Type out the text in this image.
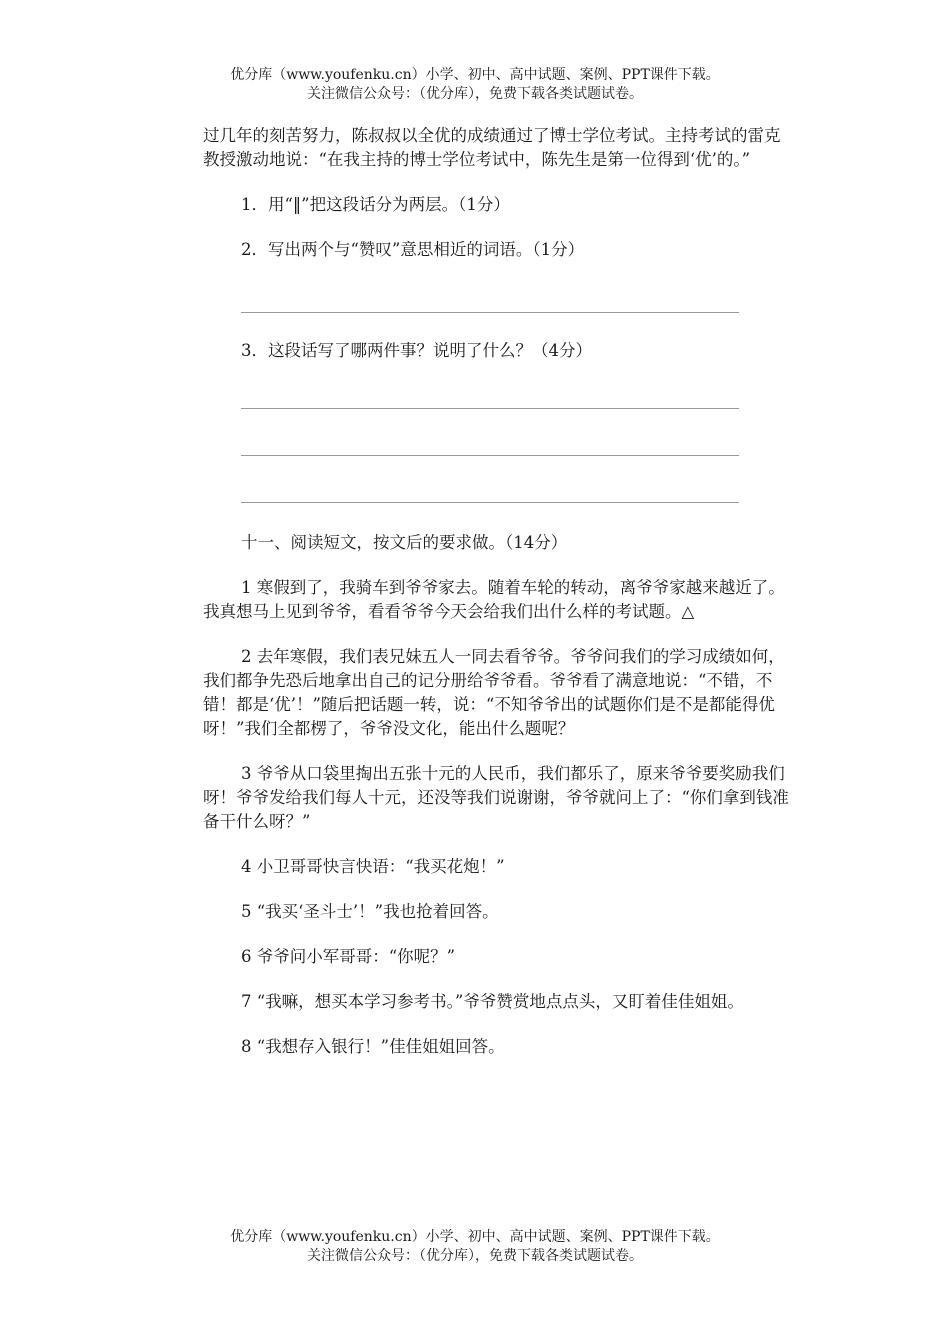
优分库（www.youfenku.cn）小学、初中、高中试题、案例、PPT课件下载。
关注微信公众号：（优分库），免费下载各类试题试卷。

过几年的刻苦努力，陈叔叔以全优的成绩通过了博士学位考试。主持考试的雷克教授激动地说：“在我主持的博士学位考试中，陈先生是第一位得到‘优’的。”

1．用“‖”把这段话分为两层。（1分）

2．写出两个与“赞叹”意思相近的词语。（1分）

3．这段话写了哪两件事？说明了什么？（4分）

十一、阅读短文，按文后的要求做。（14分）

1 寒假到了，我骑车到爷爷家去。随着车轮的转动，离爷爷家越来越近了。我真想马上见到爷爷，看看爷爷今天会给我们出什么样的考试题。△

2 去年寒假，我们表兄妹五人一同去看爷爷。爷爷问我们的学习成绩如何，我们都争先恐后地拿出自己的记分册给爷爷看。爷爷看了满意地说：“不错，不错！都是‘优’！”随后把话题一转，说：“不知爷爷出的试题你们是不是都能得优呀！”我们全都楞了，爷爷没文化，能出什么题呢？

3 爷爷从口袋里掏出五张十元的人民币，我们都乐了，原来爷爷要奖励我们呀！爷爷发给我们每人十元，还没等我们说谢谢，爷爷就问上了：“你们拿到钱准备干什么呀？”

4 小卫哥哥快言快语：“我买花炮！”

5 “我买‘圣斗士’！”我也抢着回答。

6 爷爷问小军哥哥：“你呢？”

7 “我嘛，想买本学习参考书。”爷爷赞赏地点点头，又盯着佳佳姐姐。

8 “我想存入银行！”佳佳姐姐回答。

优分库（www.youfenku.cn）小学、初中、高中试题、案例、PPT课件下载。
关注微信公众号：（优分库），免费下载各类试题试卷。
